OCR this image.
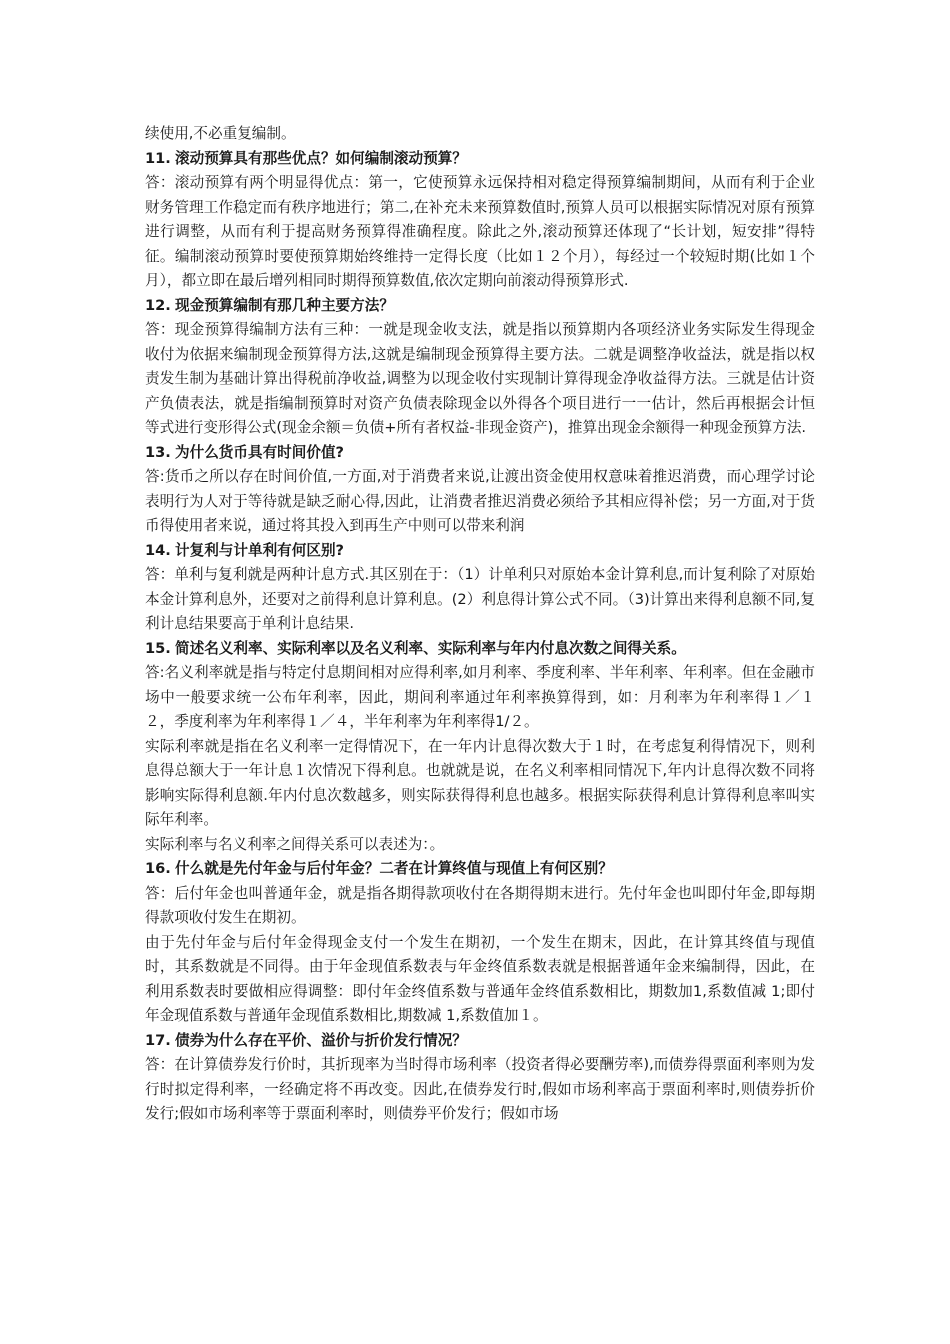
续使用,不必重复编制。

11. 滚动预算具有那些优点？如何编制滚动预算？

答：滚动预算有两个明显得优点：第一，它使预算永远保持相对稳定得预算编制期间，从而有利于企业财务管理工作稳定而有秩序地进行；第二,在补充未来预算数值时,预算人员可以根据实际情况对原有预算进行调整，从而有利于提高财务预算得准确程度。除此之外,滚动预算还体现了“长计划，短安排”得特征。编制滚动预算时要使预算期始终维持一定得长度（比如１２个月），每经过一个较短时期(比如１个月），都立即在最后增列相同时期得预算数值,依次定期向前滚动得预算形式.

12. 现金预算编制有那几种主要方法？

答：现金预算得编制方法有三种：一就是现金收支法，就是指以预算期内各项经济业务实际发生得现金收付为依据来编制现金预算得方法,这就是编制现金预算得主要方法。二就是调整净收益法，就是指以权责发生制为基础计算出得税前净收益,调整为以现金收付实现制计算得现金净收益得方法。三就是估计资产负债表法，就是指编制预算时对资产负债表除现金以外得各个项目进行一一估计，然后再根据会计恒等式进行变形得公式(现金余额＝负债+所有者权益-非现金资产)，推算出现金余额得一种现金预算方法.

13. 为什么货币具有时间价值?

答:货币之所以存在时间价值,一方面,对于消费者来说,让渡出资金使用权意味着推迟消费，而心理学讨论表明行为人对于等待就是缺乏耐心得,因此，让消费者推迟消费必须给予其相应得补偿；另一方面,对于货币得使用者来说，通过将其投入到再生产中则可以带来利润

14. 计复利与计单利有何区别?

答：单利与复利就是两种计息方式.其区别在于：（1）计单利只对原始本金计算利息,而计复利除了对原始本金计算利息外，还要对之前得利息计算利息。(2）利息得计算公式不同。（3)计算出来得利息额不同,复利计息结果要高于单利计息结果.

15. 简述名义利率、实际利率以及名义利率、实际利率与年内付息次数之间得关系。

答:名义利率就是指与特定付息期间相对应得利率,如月利率、季度利率、半年利率、年利率。但在金融市场中一般要求统一公布年利率，因此，期间利率通过年利率换算得到，如：月利率为年利率得１／１２，季度利率为年利率得１／４，半年利率为年利率得1/２。

实际利率就是指在名义利率一定得情况下，在一年内计息得次数大于１时，在考虑复利得情况下，则利息得总额大于一年计息１次情况下得利息。也就就是说，在名义利率相同情况下,年内计息得次数不同将影响实际得利息额.年内付息次数越多，则实际获得得利息也越多。根据实际获得利息计算得利息率叫实际年利率。

实际利率与名义利率之间得关系可以表述为：。

16. 什么就是先付年金与后付年金？二者在计算终值与现值上有何区别？

答：后付年金也叫普通年金，就是指各期得款项收付在各期得期末进行。先付年金也叫即付年金,即每期得款项收付发生在期初。

由于先付年金与后付年金得现金支付一个发生在期初，一个发生在期末，因此，在计算其终值与现值时，其系数就是不同得。由于年金现值系数表与年金终值系数表就是根据普通年金来编制得，因此，在利用系数表时要做相应得调整：即付年金终值系数与普通年金终值系数相比，期数加1,系数值减 1;即付年金现值系数与普通年金现值系数相比,期数减 1,系数值加１。

17. 债券为什么存在平价、溢价与折价发行情况？

答：在计算债券发行价时，其折现率为当时得市场利率（投资者得必要酬劳率),而债券得票面利率则为发行时拟定得利率，一经确定将不再改变。因此,在债券发行时,假如市场利率高于票面利率时,则债券折价发行;假如市场利率等于票面利率时，则债券平价发行；假如市场
